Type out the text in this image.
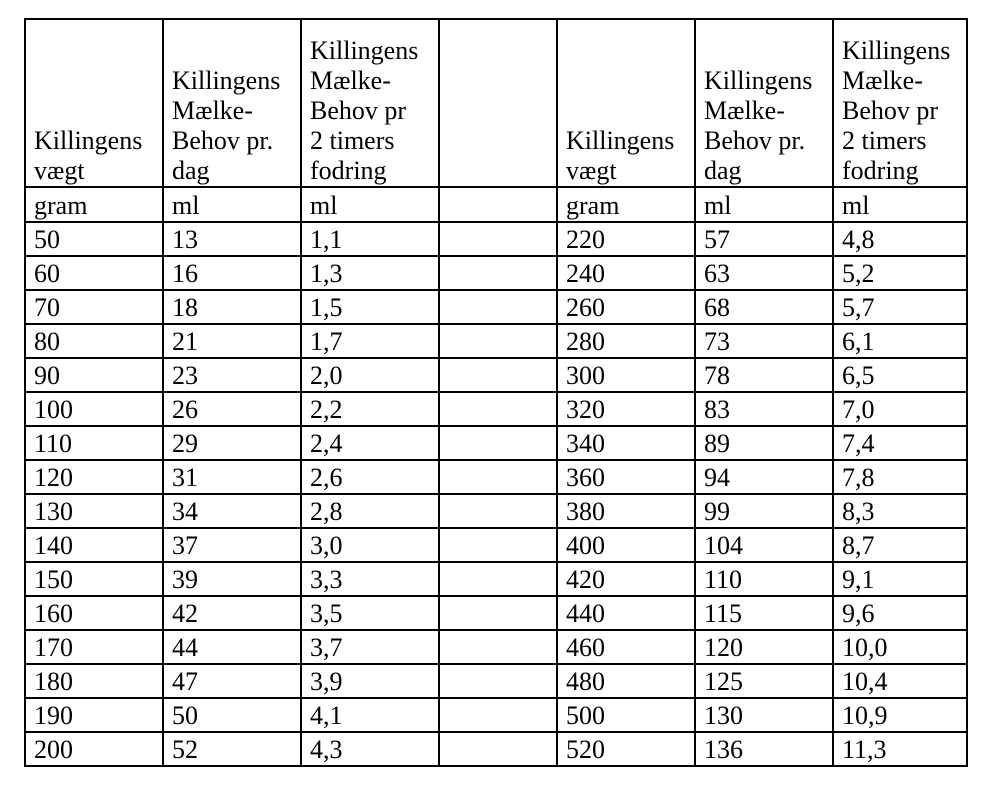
Killingens
vægt	Killingens
Mælke-
Behov pr.
dag	Killingens
Mælke-
Behov pr
2 timers
fodring		Killingens
vægt	Killingens
Mælke-
Behov pr.
dag	Killingens
Mælke-
Behov pr
2 timers
fodring

gram	ml	ml		gram	ml	ml
50	13	1,1		220	57	4,8
60	16	1,3		240	63	5,2
70	18	1,5		260	68	5,7
80	21	1,7		280	73	6,1
90	23	2,0		300	78	6,5
100	26	2,2		320	83	7,0
110	29	2,4		340	89	7,4
120	31	2,6		360	94	7,8
130	34	2,8		380	99	8,3
140	37	3,0		400	104	8,7
150	39	3,3		420	110	9,1
160	42	3,5		440	115	9,6
170	44	3,7		460	120	10,0
180	47	3,9		480	125	10,4
190	50	4,1		500	130	10,9
200	52	4,3		520	136	11,3
